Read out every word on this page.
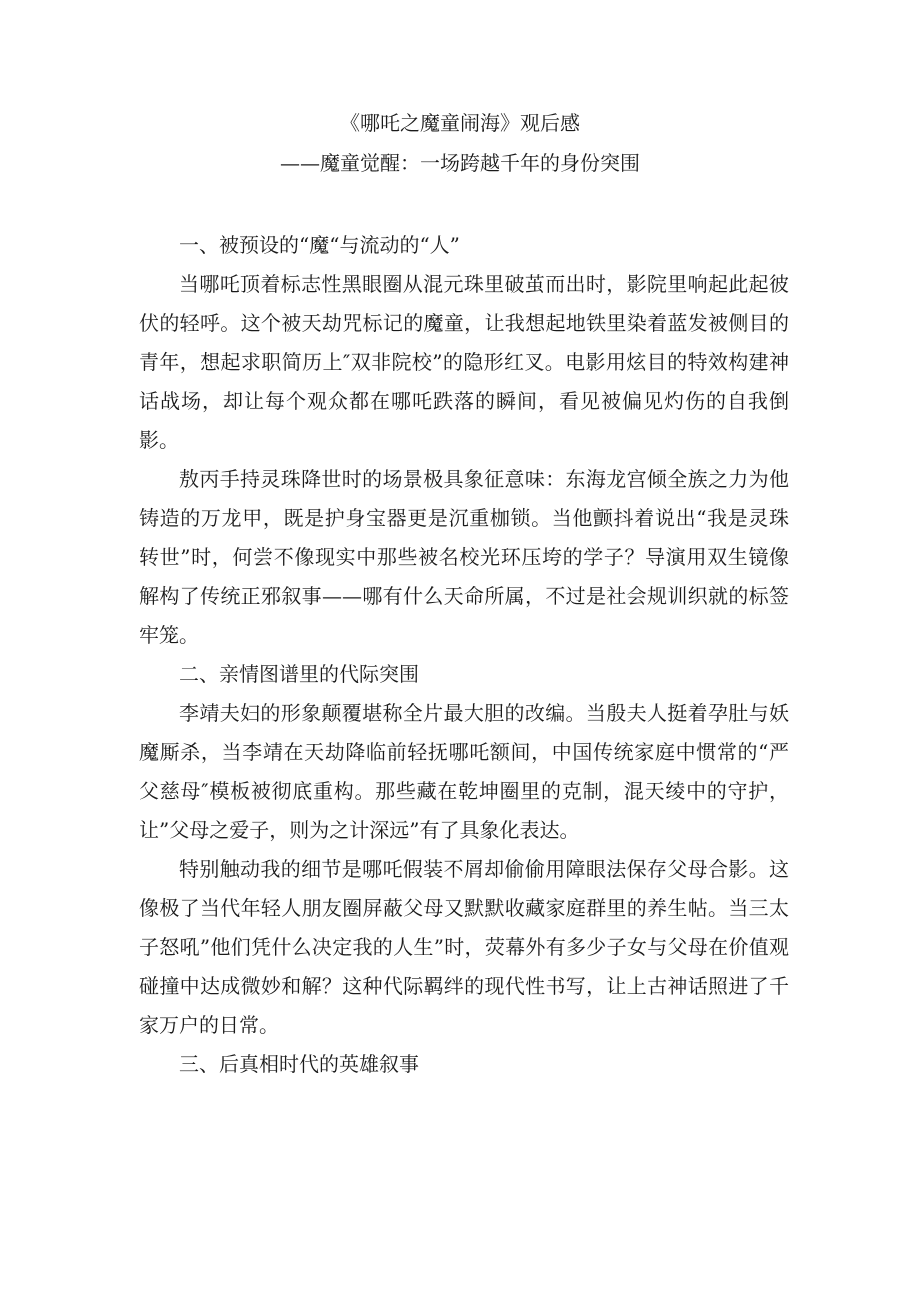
《哪吒之魔童闹海》观后感
——魔童觉醒：一场跨越千年的身份突围
一、被预设的“魔“与流动的“人”

当哪吒顶着标志性黑眼圈从混元珠里破茧而出时，影院里响起此起彼伏的轻呼。这个被天劫咒标记的魔童，让我想起地铁里染着蓝发被侧目的青年，想起求职简历上″双非院校”的隐形红叉。电影用炫目的特效构建神话战场，却让每个观众都在哪吒跌落的瞬间，看见被偏见灼伤的自我倒影。

敖丙手持灵珠降世时的场景极具象征意味：东海龙宫倾全族之力为他铸造的万龙甲，既是护身宝器更是沉重枷锁。当他颤抖着说出“我是灵珠转世”时，何尝不像现实中那些被名校光环压垮的学子？导演用双生镜像解构了传统正邪叙事——哪有什么天命所属，不过是社会规训织就的标签牢笼。

二、亲情图谱里的代际突围

李靖夫妇的形象颠覆堪称全片最大胆的改编。当殷夫人挺着孕肚与妖魔厮杀，当李靖在天劫降临前轻抚哪吒额间，中国传统家庭中惯常的“严父慈母″模板被彻底重构。那些藏在乾坤圈里的克制，混天绫中的守护，让”父母之爱子，则为之计深远”有了具象化表达。

特别触动我的细节是哪吒假装不屑却偷偷用障眼法保存父母合影。这像极了当代年轻人朋友圈屏蔽父母又默默收藏家庭群里的养生帖。当三太子怒吼”他们凭什么决定我的人生”时，荧幕外有多少子女与父母在价值观碰撞中达成微妙和解？这种代际羁绊的现代性书写，让上古神话照进了千家万户的日常。

三、后真相时代的英雄叙事
